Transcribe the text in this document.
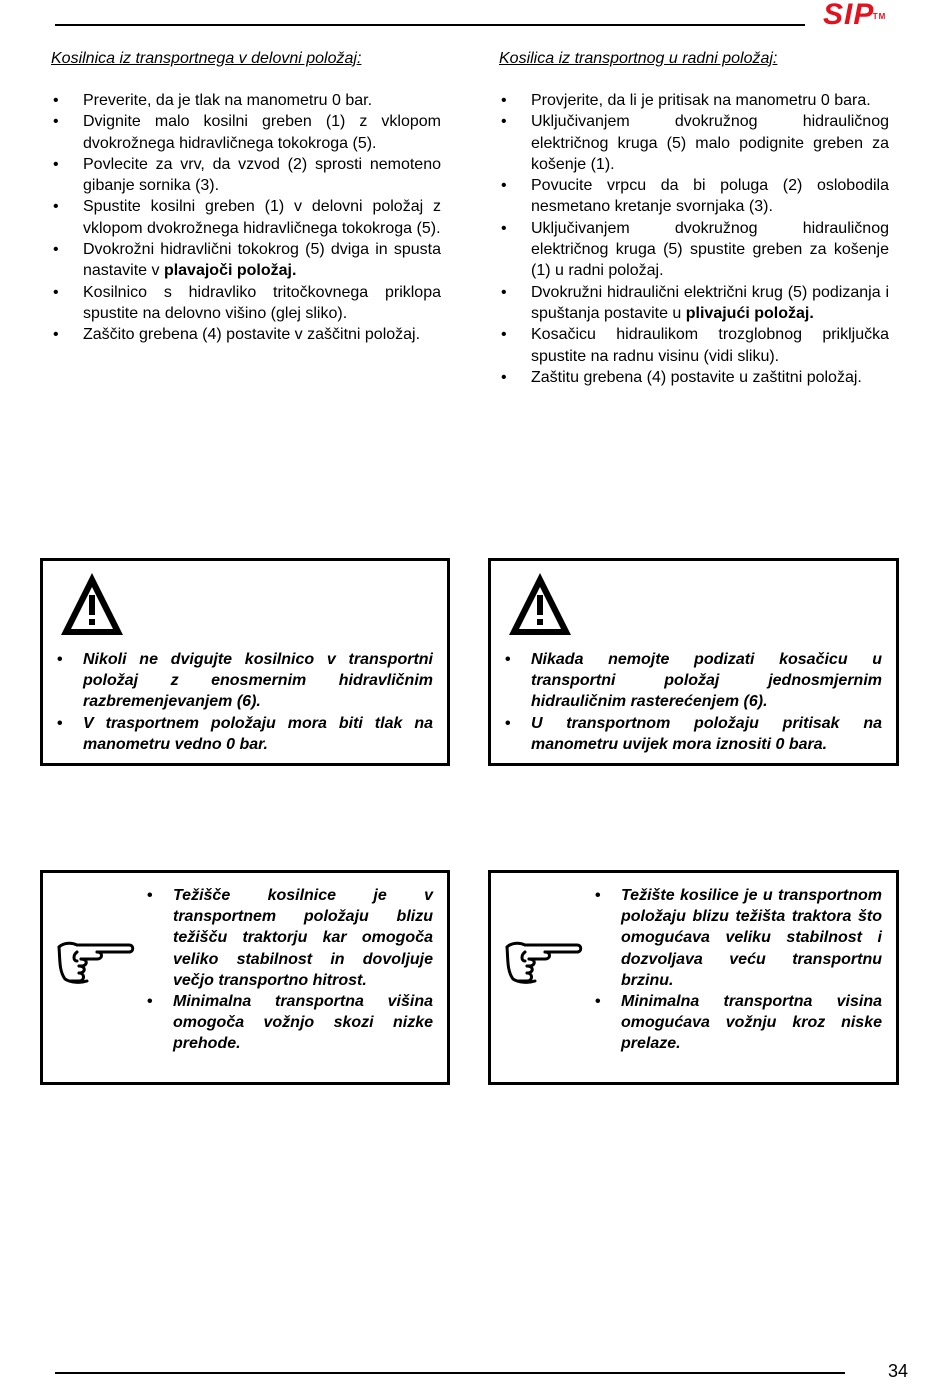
SIP
TM
Kosilnica iz transportnega v delovni položaj:
• Preverite, da je tlak na manometru 0 bar.
• Dvignite malo kosilni greben (1) z vklopom dvokrožnega hidravličnega tokokroga (5).
• Povlecite za vrv, da vzvod (2) sprosti nemoteno gibanje sornika (3).
• Spustite kosilni greben (1) v delovni položaj z vklopom dvokrožnega hidravličnega tokokroga (5).
• Dvokrožni hidravlični tokokrog (5) dviga in spusta nastavite v plavajoči položaj.
• Kosilnico s hidravliko tritočkovnega priklopa spustite na delovno višino (glej sliko).
• Zaščito grebena (4) postavite v zaščitni položaj.
Kosilica iz transportnog u radni položaj:
• Provjerite, da li je pritisak na manometru 0 bara.
• Uključivanjem dvokružnog hidrauličnog električnog kruga (5) malo podignite greben za košenje (1).
• Povucite vrpcu da bi poluga (2) oslobodila nesmetano kretanje svornjaka (3).
• Uključivanjem dvokružnog hidrauličnog električnog kruga (5) spustite greben za košenje (1) u radni položaj.
• Dvokružni hidraulični električni krug (5) podizanja i spuštanja postavite u plivajući položaj.
• Kosačicu hidraulikom trozglobnog priključka spustite na radnu visinu (vidi sliku).
• Zaštitu grebena (4) postavite u zaštitni položaj.
• Nikoli ne dvigujte kosilnico v transportni položaj z enosmernim hidravličnim razbremenjevanjem (6).
• V trasportnem položaju mora biti tlak na manometru vedno 0 bar.
• Nikada nemojte podizati kosačicu u transportni položaj jednosmjernim hidrauličnim rasterećenjem (6).
• U transportnom položaju pritisak na manometru uvijek mora iznositi 0 bara.
• Težišče kosilnice je v transportnem položaju blizu težišču traktorju kar omogoča veliko stabilnost in dovoljuje večjo transportno hitrost.
• Minimalna transportna višina omogoča vožnjo skozi nizke prehode.
• Težište kosilice je u transportnom položaju blizu težišta traktora što omogućava veliku stabilnost i dozvoljava veću transportnu brzinu.
• Minimalna transportna visina omogućava vožnju kroz niske prelaze.
34
